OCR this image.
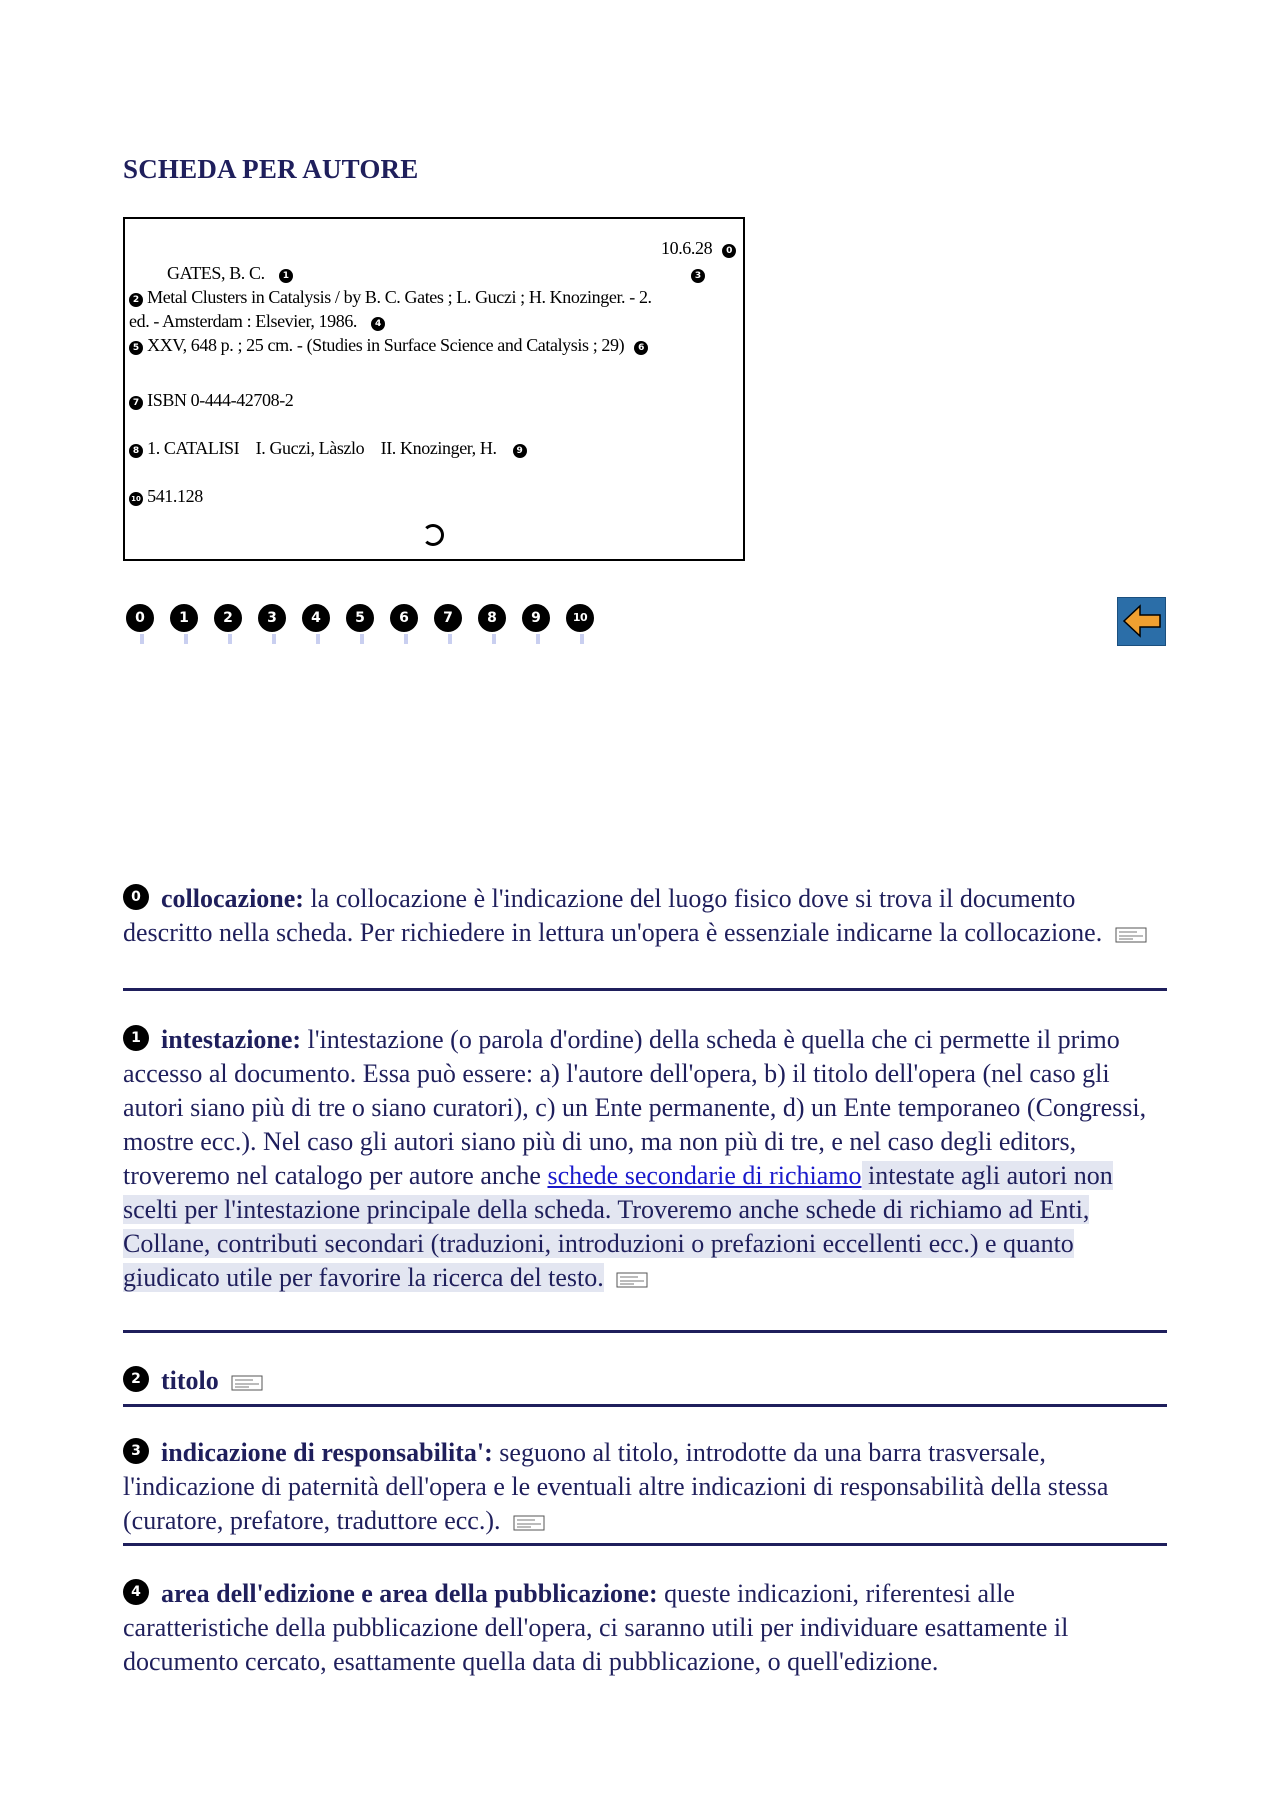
SCHEDA PER AUTORE
10.6.28 0
GATES, B. C. 1	3
2 Metal Clusters in Catalysis / by B. C. Gates ; L. Guczi ; H. Knozinger. - 2.
ed. - Amsterdam : Elsevier, 1986. 4
5 XXV, 648 p. ; 25 cm. - (Studies in Surface Science and Catalysis ; 29) 6
7 ISBN 0-444-42708-2
8 1. CATALISI    I. Guczi, Làszlo    II. Knozinger, H. 9
10 541.128
0	1	2	3	4	5	6	7	8	9	10

0 collocazione: la collocazione è l'indicazione del luogo fisico dove si trova il documento descritto nella scheda. Per richiedere in lettura un'opera è essenziale indicarne la collocazione.

1 intestazione: l'intestazione (o parola d'ordine) della scheda è quella che ci permette il primo accesso al documento. Essa può essere: a) l'autore dell'opera, b) il titolo dell'opera (nel caso gli autori siano più di tre o siano curatori), c) un Ente permanente, d) un Ente temporaneo (Congressi, mostre ecc.). Nel caso gli autori siano più di uno, ma non più di tre, e nel caso degli editors, troveremo nel catalogo per autore anche schede secondarie di richiamo intestate agli autori non scelti per l'intestazione principale della scheda. Troveremo anche schede di richiamo ad Enti, Collane, contributi secondari (traduzioni, introduzioni o prefazioni eccellenti ecc.) e quanto giudicato utile per favorire la ricerca del testo.

2 titolo

3 indicazione di responsabilita': seguono al titolo, introdotte da una barra trasversale, l'indicazione di paternità dell'opera e le eventuali altre indicazioni di responsabilità della stessa (curatore, prefatore, traduttore ecc.).

4 area dell'edizione e area della pubblicazione: queste indicazioni, riferentesi alle caratteristiche della pubblicazione dell'opera, ci saranno utili per individuare esattamente il documento cercato, esattamente quella data di pubblicazione, o quell'edizione.
